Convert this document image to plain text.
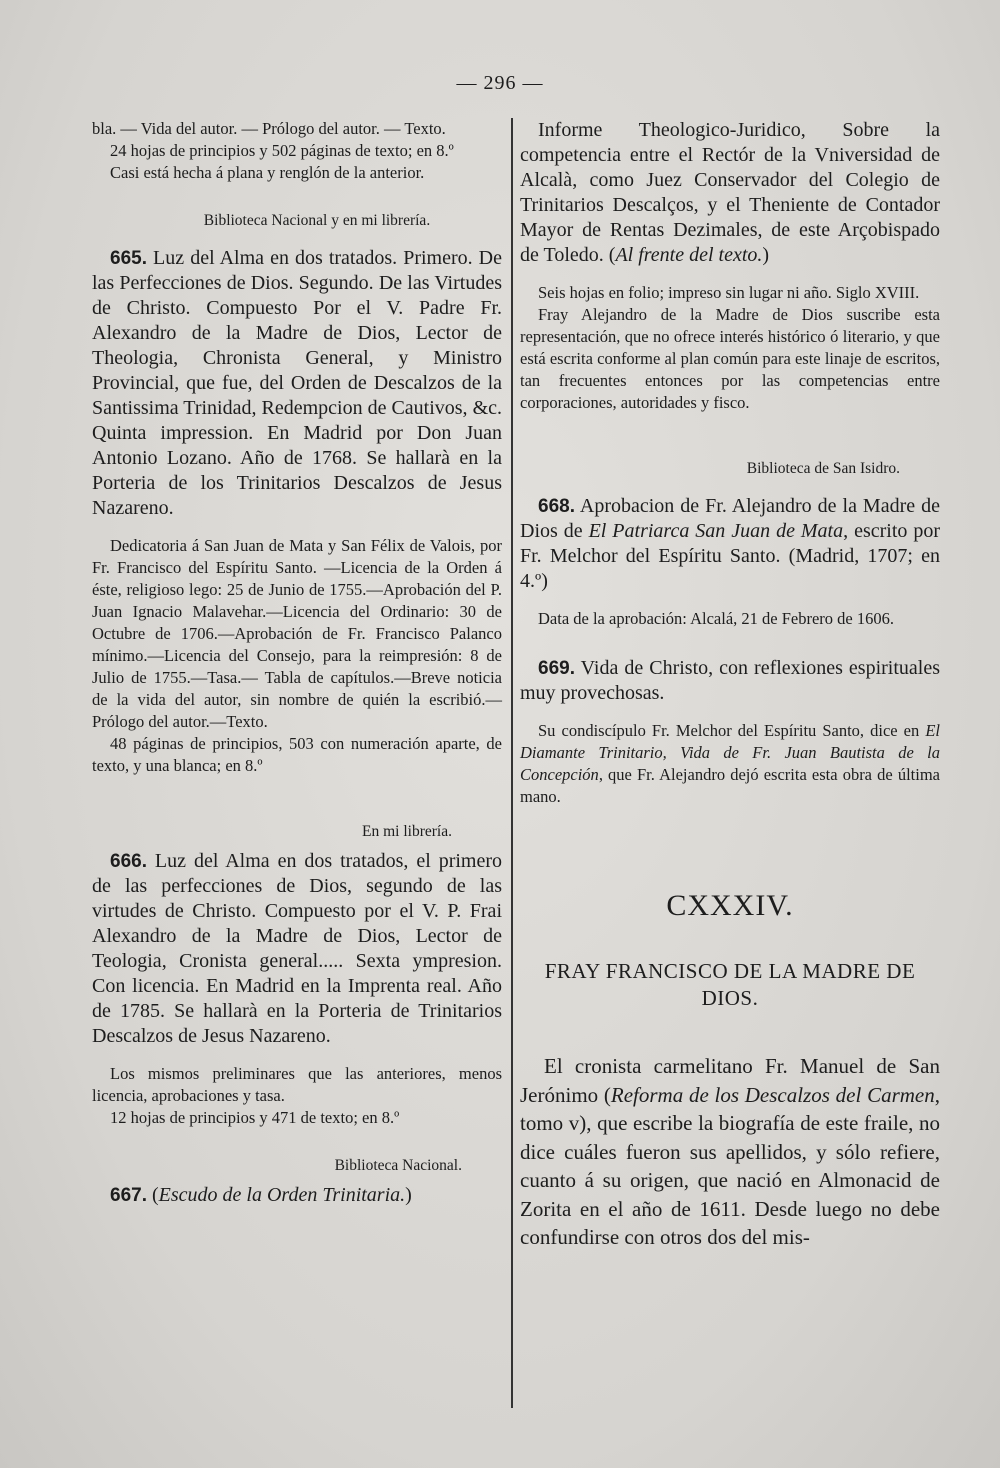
— 296 —

bla. — Vida del autor. — Prólogo del autor. — Texto.

24 hojas de principios y 502 páginas de texto; en 8.º

Casi está hecha á plana y renglón de la anterior.

Biblioteca Nacional y en mi librería.

665. Luz del Alma en dos tratados. Primero. De las Perfecciones de Dios. Segundo. De las Virtudes de Christo. Compuesto Por el V. Padre Fr. Alexandro de la Madre de Dios, Lector de Theologia, Chronista General, y Ministro Provincial, que fue, del Orden de Descalzos de la Santissima Trinidad, Redempcion de Cautivos, &c. Quinta impression. En Madrid por Don Juan Antonio Lozano. Año de 1768. Se hallarà en la Porteria de los Trinitarios Descalzos de Jesus Nazareno.

Dedicatoria á San Juan de Mata y San Félix de Valois, por Fr. Francisco del Espíritu Santo. —Licencia de la Orden á éste, religioso lego: 25 de Junio de 1755.—Aprobación del P. Juan Ignacio Malavehar.—Licencia del Ordinario: 30 de Octubre de 1706.—Aprobación de Fr. Francisco Palanco mínimo.—Licencia del Consejo, para la reimpresión: 8 de Julio de 1755.—Tasa.— Tabla de capítulos.—Breve noticia de la vida del autor, sin nombre de quién la escribió.—Prólogo del autor.—Texto.

48 páginas de principios, 503 con numeración aparte, de texto, y una blanca; en 8.º

En mi librería.

666. Luz del Alma en dos tratados, el primero de las perfecciones de Dios, segundo de las virtudes de Christo. Compuesto por el V. P. Frai Alexandro de la Madre de Dios, Lector de Teologia, Cronista general..... Sexta ympresion. Con licencia. En Madrid en la Imprenta real. Año de 1785. Se hallarà en la Porteria de Trinitarios Descalzos de Jesus Nazareno.

Los mismos preliminares que las anteriores, menos licencia, aprobaciones y tasa.

12 hojas de principios y 471 de texto; en 8.º

Biblioteca Nacional.

667. (Escudo de la Orden Trinitaria.)

Informe Theologico-Juridico, Sobre la competencia entre el Rectór de la Vniversidad de Alcalà, como Juez Conservador del Colegio de Trinitarios Descalços, y el Theniente de Contador Mayor de Rentas Dezimales, de este Arçobispado de Toledo. (Al frente del texto.)

Seis hojas en folio; impreso sin lugar ni año. Siglo XVIII.

Fray Alejandro de la Madre de Dios suscribe esta representación, que no ofrece interés histórico ó literario, y que está escrita conforme al plan común para este linaje de escritos, tan frecuentes entonces por las competencias entre corporaciones, autoridades y fisco.

Biblioteca de San Isidro.

668. Aprobacion de Fr. Alejandro de la Madre de Dios de El Patriarca San Juan de Mata, escrito por Fr. Melchor del Espíritu Santo. (Madrid, 1707; en 4.º)

Data de la aprobación: Alcalá, 21 de Febrero de 1606.

669. Vida de Christo, con reflexiones espirituales muy provechosas.

Su condiscípulo Fr. Melchor del Espíritu Santo, dice en El Diamante Trinitario, Vida de Fr. Juan Bautista de la Concepción, que Fr. Alejandro dejó escrita esta obra de última mano.

CXXXIV.

FRAY FRANCISCO DE LA MADRE DE DIOS.

El cronista carmelitano Fr. Manuel de San Jerónimo (Reforma de los Descalzos del Carmen, tomo v), que escribe la biografía de este fraile, no dice cuáles fueron sus apellidos, y sólo refiere, cuanto á su origen, que nació en Almonacid de Zorita en el año de 1611. Desde luego no debe confundirse con otros dos del mis-
